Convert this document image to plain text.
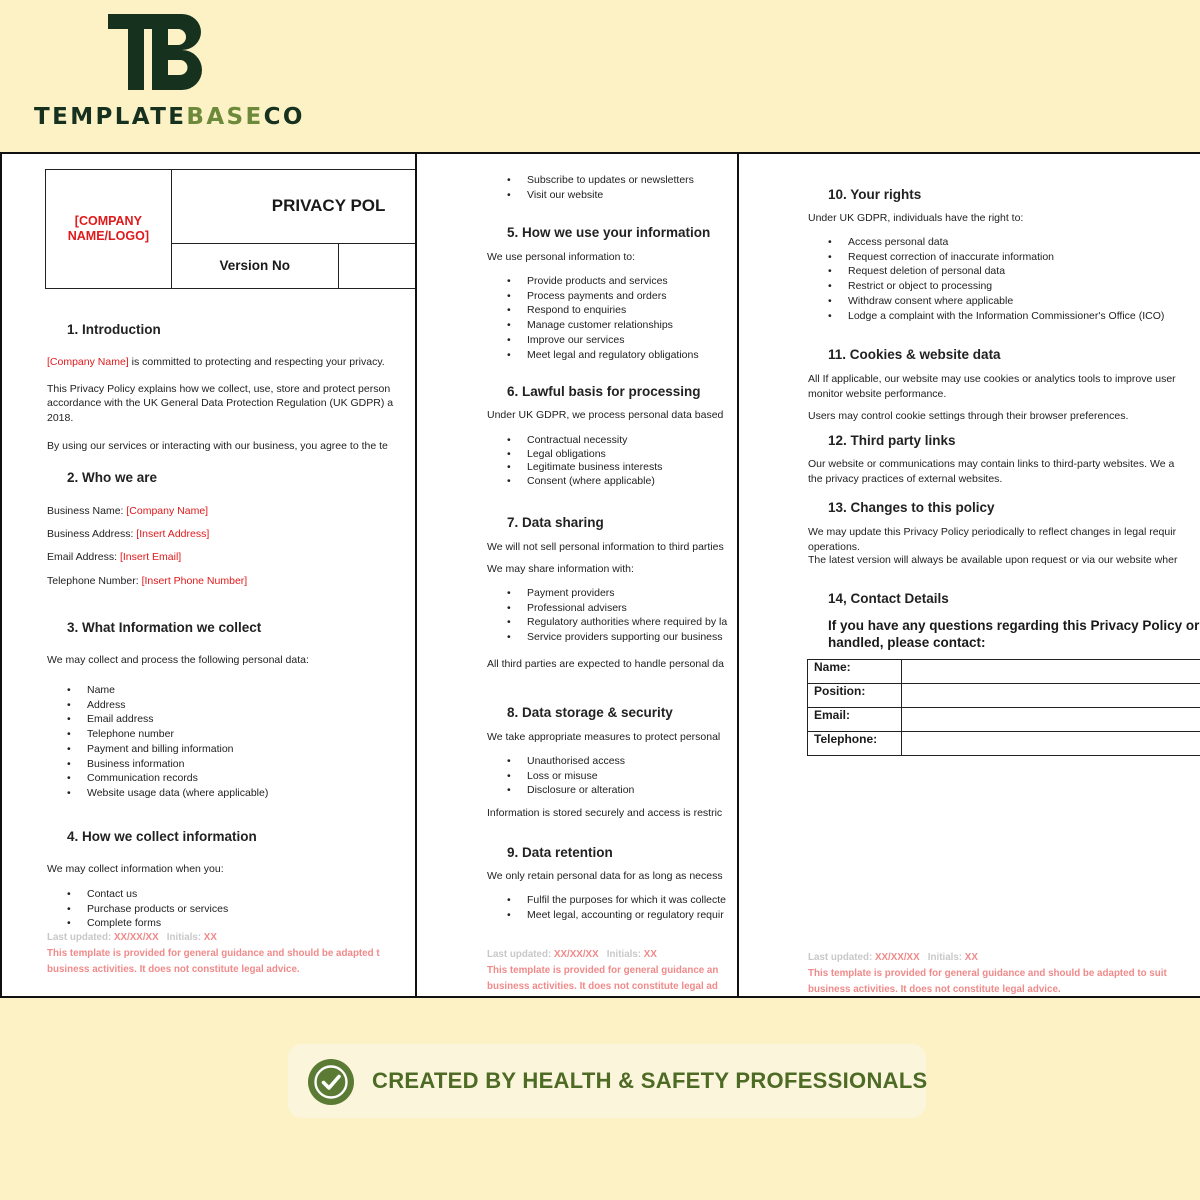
TEMPLATEBASECO
[COMPANY NAME/LOGO]	PRIVACY POL

Version No
1. Introduction
[Company Name] is committed to protecting and respecting your privacy.
This Privacy Policy explains how we collect, use, store and protect person
accordance with the UK General Data Protection Regulation (UK GDPR) a
2018.
By using our services or interacting with our business, you agree to the te
2. Who we are
Business Name: [Company Name]
Business Address: [Insert Address]
Email Address: [Insert Email]
Telephone Number: [Insert Phone Number]
3. What Information we collect
We may collect and process the following personal data:
• Name
• Address
• Email address
• Telephone number
• Payment and billing information
• Business information
• Communication records
• Website usage data (where applicable)
4. How we collect information
We may collect information when you:
• Contact us
• Purchase products or services
• Complete forms
Last updated: XX/XX/XX   Initials: XX
This template is provided for general guidance and should be adapted t
business activities. It does not constitute legal advice.
• Subscribe to updates or newsletters
• Visit our website
5. How we use your information
We use personal information to:
• Provide products and services
• Process payments and orders
• Respond to enquiries
• Manage customer relationships
• Improve our services
• Meet legal and regulatory obligations
6. Lawful basis for processing
Under UK GDPR, we process personal data based
• Contractual necessity
• Legal obligations
• Legitimate business interests
• Consent (where applicable)
7. Data sharing
We will not sell personal information to third parties
We may share information with:
• Payment providers
• Professional advisers
• Regulatory authorities where required by la
• Service providers supporting our business
All third parties are expected to handle personal da
8. Data storage & security
We take appropriate measures to protect personal
• Unauthorised access
• Loss or misuse
• Disclosure or alteration
Information is stored securely and access is restric
9. Data retention
We only retain personal data for as long as necess
• Fulfil the purposes for which it was collecte
• Meet legal, accounting or regulatory requir
Last updated: XX/XX/XX   Initials: XX
This template is provided for general guidance an
business activities. It does not constitute legal ad
10. Your rights
Under UK GDPR, individuals have the right to:
• Access personal data
• Request correction of inaccurate information
• Request deletion of personal data
• Restrict or object to processing
• Withdraw consent where applicable
• Lodge a complaint with the Information Commissioner's Office (ICO)
11. Cookies & website data
All If applicable, our website may use cookies or analytics tools to improve user
monitor website performance.
Users may control cookie settings through their browser preferences.
12. Third party links
Our website or communications may contain links to third-party websites. We a
the privacy practices of external websites.
13. Changes to this policy
We may update this Privacy Policy periodically to reflect changes in legal requir
operations.
The latest version will always be available upon request or via our website wher
14, Contact Details
If you have any questions regarding this Privacy Policy or
handled, please contact:
Name:	
Position:	
Email:	
Telephone:	
Last updated: XX/XX/XX   Initials: XX
This template is provided for general guidance and should be adapted to suit
business activities. It does not constitute legal advice.
CREATED BY HEALTH & SAFETY PROFESSIONALS
